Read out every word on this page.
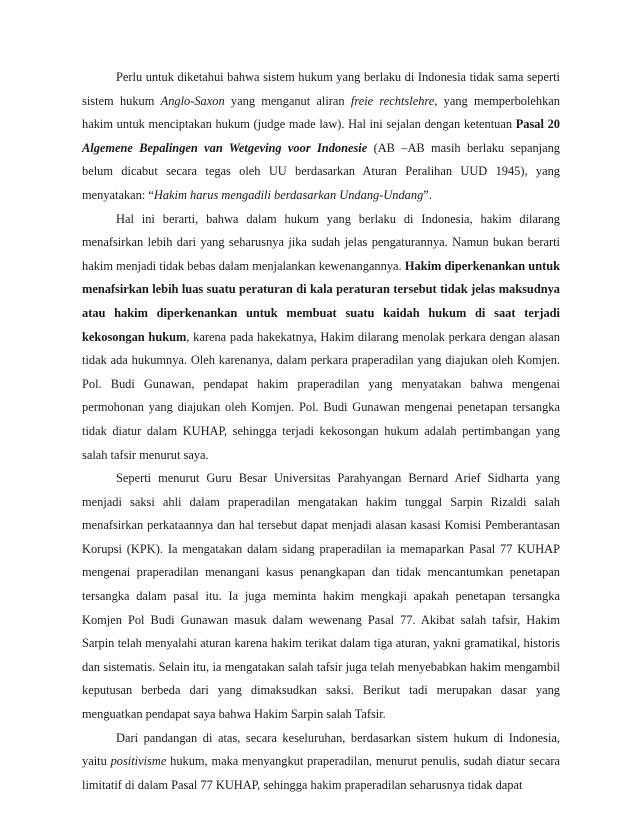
Perlu untuk diketahui bahwa sistem hukum yang berlaku di Indonesia tidak sama seperti sistem hukum Anglo-Saxon yang menganut aliran freie rechtslehre, yang memperbolehkan hakim untuk menciptakan hukum (judge made law). Hal ini sejalan dengan ketentuan Pasal 20 Algemene Bepalingen van Wetgeving voor Indonesie (AB –AB masih berlaku sepanjang belum dicabut secara tegas oleh UU berdasarkan Aturan Peralihan UUD 1945), yang menyatakan: “Hakim harus mengadili berdasarkan Undang-Undang”.

Hal ini berarti, bahwa dalam hukum yang berlaku di Indonesia, hakim dilarang menafsirkan lebih dari yang seharusnya jika sudah jelas pengaturannya. Namun bukan berarti hakim menjadi tidak bebas dalam menjalankan kewenangannya. Hakim diperkenankan untuk menafsirkan lebih luas suatu peraturan di kala peraturan tersebut tidak jelas maksudnya atau hakim diperkenankan untuk membuat suatu kaidah hukum di saat terjadi kekosongan hukum, karena pada hakekatnya, Hakim dilarang menolak perkara dengan alasan tidak ada hukumnya. Oleh karenanya, dalam perkara praperadilan yang diajukan oleh Komjen. Pol. Budi Gunawan, pendapat hakim praperadilan yang menyatakan bahwa mengenai permohonan yang diajukan oleh Komjen. Pol. Budi Gunawan mengenai penetapan tersangka tidak diatur dalam KUHAP, sehingga terjadi kekosongan hukum adalah pertimbangan yang salah tafsir menurut saya.

Seperti menurut Guru Besar Universitas Parahyangan Bernard Arief Sidharta yang menjadi saksi ahli dalam praperadilan mengatakan hakim tunggal Sarpin Rizaldi salah menafsirkan perkataannya dan hal tersebut dapat menjadi alasan kasasi Komisi Pemberantasan Korupsi (KPK). Ia mengatakan dalam sidang praperadilan ia memaparkan Pasal 77 KUHAP mengenai praperadilan menangani kasus penangkapan dan tidak mencantumkan penetapan tersangka dalam pasal itu. Ia juga meminta hakim mengkaji apakah penetapan tersangka Komjen Pol Budi Gunawan masuk dalam wewenang Pasal 77. Akibat salah tafsir, Hakim Sarpin telah menyalahi aturan karena hakim terikat dalam tiga aturan, yakni gramatikal, historis dan sistematis. Selain itu, ia mengatakan salah tafsir juga telah menyebabkan hakim mengambil keputusan berbeda dari yang dimaksudkan saksi. Berikut tadi merupakan dasar yang menguatkan pendapat saya bahwa Hakim Sarpin salah Tafsir.

Dari pandangan di atas, secara keseluruhan, berdasarkan sistem hukum di Indonesia, yaitu positivisme hukum, maka menyangkut praperadilan, menurut penulis, sudah diatur secara limitatif di dalam Pasal 77 KUHAP, sehingga hakim praperadilan seharusnya tidak dapat
